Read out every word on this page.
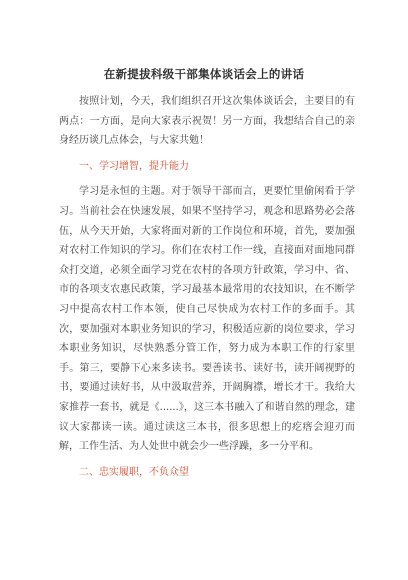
在新提拔科级干部集体谈话会上的讲话

按照计划，今天，我们组织召开这次集体谈话会，主要目的有两点：一方面，是向大家表示祝贺！另一方面，我想结合自己的亲身经历谈几点体会，与大家共勉！

一、学习增智，提升能力

学习是永恒的主题。对于领导干部而言，更要忙里偷闲看于学习。当前社会在快速发展，如果不坚持学习，观念和思路势必会落伍，从今天开始，大家将面对新的工作岗位和环境，首先，要加强对农村工作知识的学习。你们在农村工作一线，直接面对面地同群众打交道，必须全面学习党在农村的各项方针政策，学习中、省、市的各项支农惠民政策，学习最基本最常用的农技知识，在不断学习中提高农村工作本领，使自己尽快成为农村工作的多面手。其次，要加强对本职业务知识的学习，积极适应新的岗位要求，学习本职业务知识，尽快熟悉分管工作，努力成为本职工作的行家里手。第三，要静下心来多读书。要善读书、读好书，读开阔视野的书，要通过读好书，从中汲取营养，开阔胸襟，增长才干。我给大家推荐一套书，就是《......》，这三本书融入了和谐自然的理念，建议大家都读一读。通过读这三本书，很多思想上的疙瘩会迎刃而解，工作生活、为人处世中就会少一些浮躁，多一分平和。

二、忠实履职，不负众望
